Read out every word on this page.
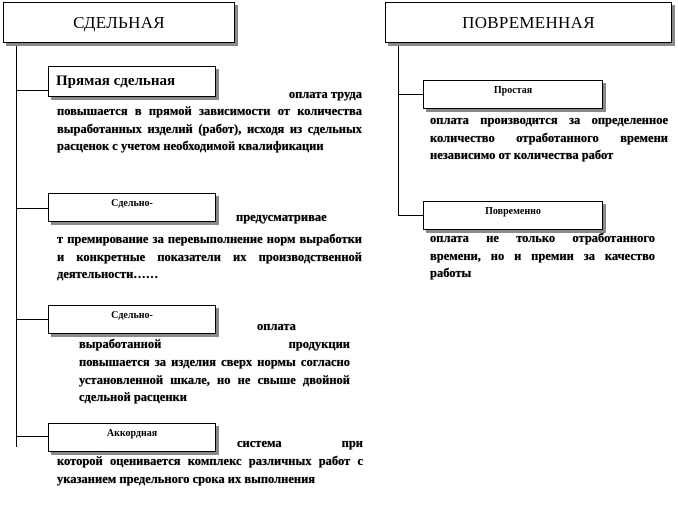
СДЕЛЬНАЯ	ПОВРЕМЕННАЯ
Прямая сдельная
оплата труда
повышается в прямой зависимости от количества выработанных изделий (работ), исходя из сдельных расценок с учетом необходимой квалификации
Сдельно-
предусматривае
т премирование за перевыполнение норм выработки и конкретные показатели их производственной деятельности……
Сдельно-
оплата
выработанной	продукции
повышается за изделия сверх нормы согласно установленной шкале, но не свыше двойной сдельной расценки
Аккордная
система	при
которой оценивается комплекс различных работ с указанием предельного срока их выполнения
Простая
оплата производится за определенное количество отработанного времени независимо от количества работ
Повременно
оплата не только отработанного времени, но и премии за качество работы
